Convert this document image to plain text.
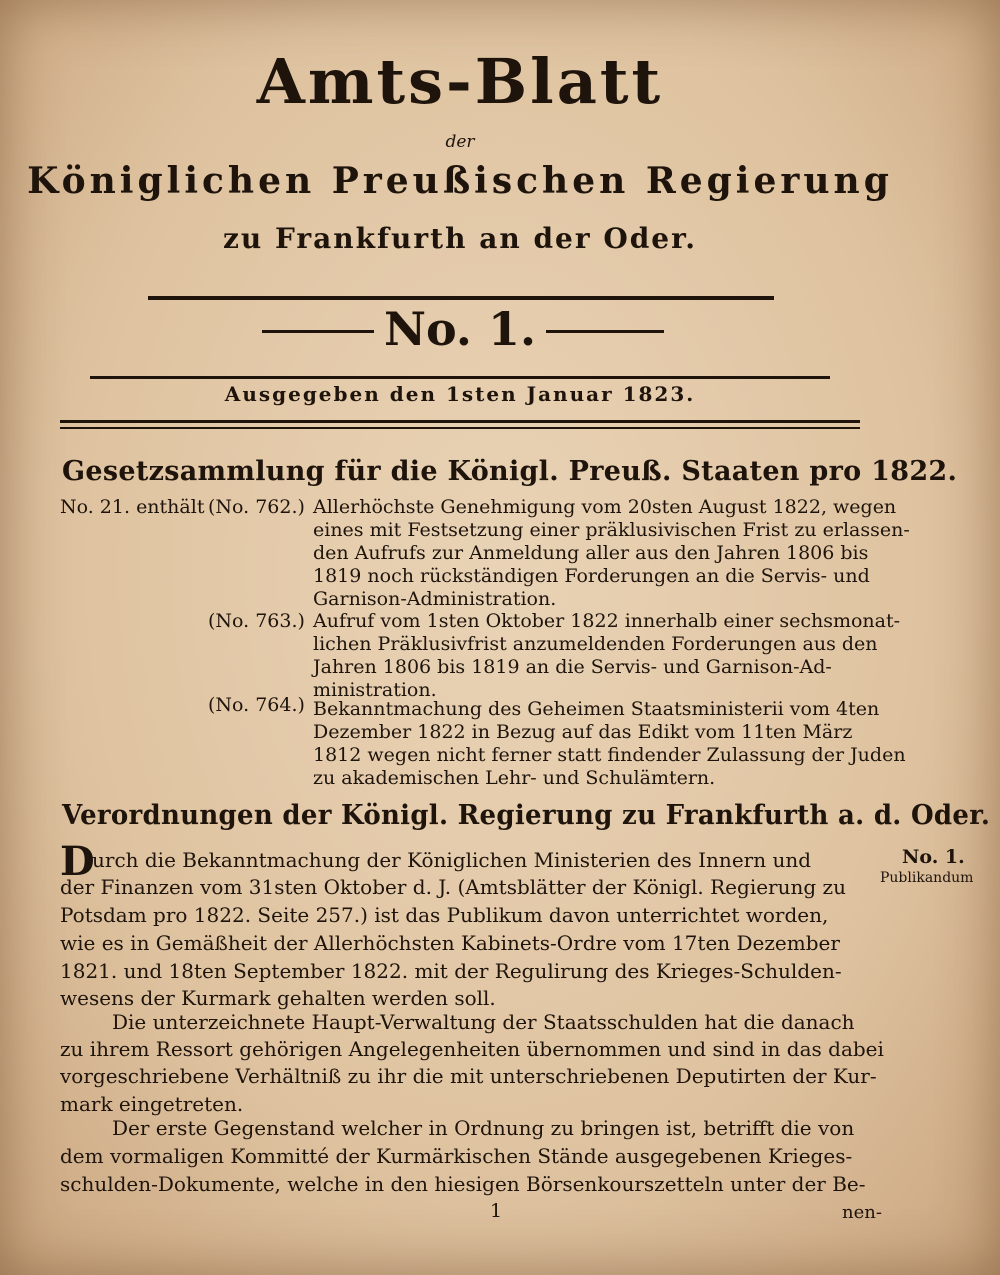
Amts-Blatt
der
Königlichen Preußischen Regierung
zu Frankfurth an der Oder.
No. 1.
Ausgegeben den 1sten Januar 1823.
Gesetzsammlung für die Königl. Preuß. Staaten pro 1822.
No. 21. enthält (No. 762.) Allerhöchste Genehmigung vom 20sten August 1822, wegen
eines mit Festsetzung einer präklusivischen Frist zu erlassen-
den Aufrufs zur Anmeldung aller aus den Jahren 1806 bis
1819 noch rückständigen Forderungen an die Servis- und
Garnison-Administration.
(No. 763.) Aufruf vom 1sten Oktober 1822 innerhalb einer sechsmonat-
lichen Präklusivfrist anzumeldenden Forderungen aus den
Jahren 1806 bis 1819 an die Servis- und Garnison-Ad-
ministration.
(No. 764.) Bekanntmachung des Geheimen Staatsministerii vom 4ten
Dezember 1822 in Bezug auf das Edikt vom 11ten März
1812 wegen nicht ferner statt findender Zulassung der Juden
zu akademischen Lehr- und Schulämtern.
Verordnungen der Königl. Regierung zu Frankfurth a. d. Oder.
No. 1.
Publikandum
D
urch die Bekanntmachung der Königlichen Ministerien des Innern und
der Finanzen vom 31sten Oktober d. J. (Amtsblätter der Königl. Regierung zu
Potsdam pro 1822. Seite 257.) ist das Publikum davon unterrichtet worden,
wie es in Gemäßheit der Allerhöchsten Kabinets-Ordre vom 17ten Dezember
1821. und 18ten September 1822. mit der Regulirung des Krieges-Schulden-
wesens der Kurmark gehalten werden soll.
Die unterzeichnete Haupt-Verwaltung der Staatsschulden hat die danach
zu ihrem Ressort gehörigen Angelegenheiten übernommen und sind in das dabei
vorgeschriebene Verhältniß zu ihr die mit unterschriebenen Deputirten der Kur-
mark eingetreten.
Der erste Gegenstand welcher in Ordnung zu bringen ist, betrifft die von
dem vormaligen Kommitté der Kurmärkischen Stände ausgegebenen Krieges-
schulden-Dokumente, welche in den hiesigen Börsenkourszetteln unter der Be-
1	nen-
